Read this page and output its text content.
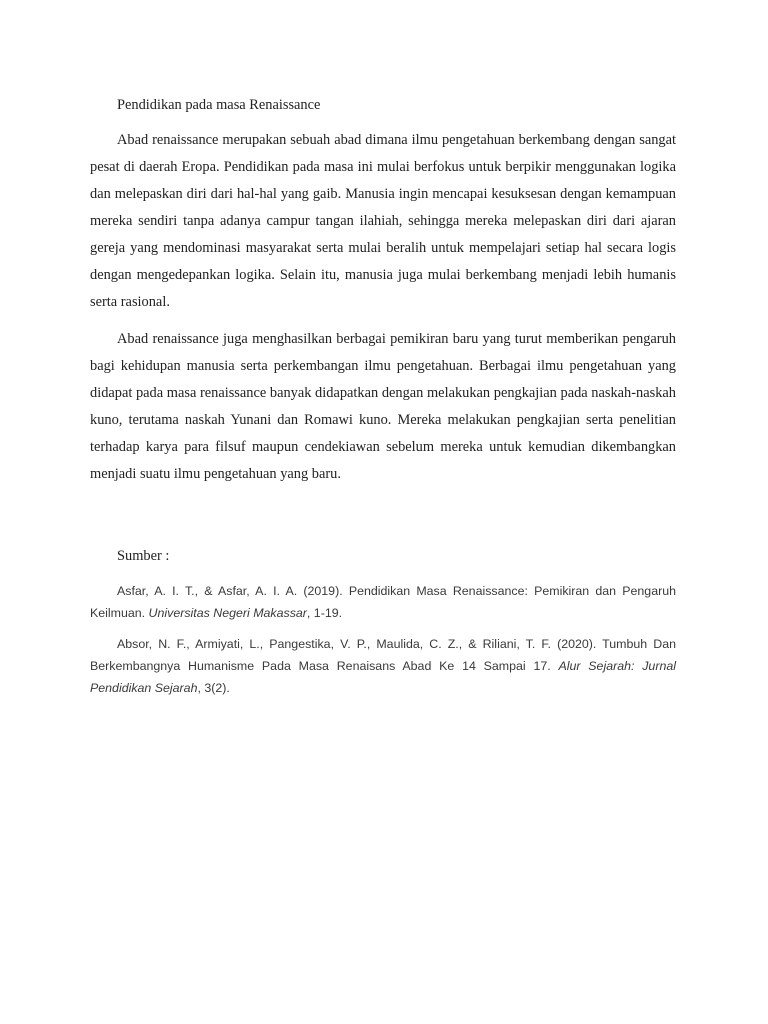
Pendidikan pada masa Renaissance

Abad renaissance merupakan sebuah abad dimana ilmu pengetahuan berkembang dengan sangat pesat di daerah Eropa. Pendidikan pada masa ini mulai berfokus untuk berpikir menggunakan logika dan melepaskan diri dari hal-hal yang gaib. Manusia ingin mencapai kesuksesan dengan kemampuan mereka sendiri tanpa adanya campur tangan ilahiah, sehingga mereka melepaskan diri dari ajaran gereja yang mendominasi masyarakat serta mulai beralih untuk mempelajari setiap hal secara logis dengan mengedepankan logika. Selain itu, manusia juga mulai berkembang menjadi lebih humanis serta rasional.

Abad renaissance juga menghasilkan berbagai pemikiran baru yang turut memberikan pengaruh bagi kehidupan manusia serta perkembangan ilmu pengetahuan. Berbagai ilmu pengetahuan yang didapat pada masa renaissance banyak didapatkan dengan melakukan pengkajian pada naskah-naskah kuno, terutama naskah Yunani dan Romawi kuno. Mereka melakukan pengkajian serta penelitian terhadap karya para filsuf maupun cendekiawan sebelum mereka untuk kemudian dikembangkan menjadi suatu ilmu pengetahuan yang baru.

Sumber :

Asfar, A. I. T., & Asfar, A. I. A. (2019). Pendidikan Masa Renaissance: Pemikiran dan Pengaruh Keilmuan. Universitas Negeri Makassar, 1-19.

Absor, N. F., Armiyati, L., Pangestika, V. P., Maulida, C. Z., & Riliani, T. F. (2020). Tumbuh Dan Berkembangnya Humanisme Pada Masa Renaisans Abad Ke 14 Sampai 17. Alur Sejarah: Jurnal Pendidikan Sejarah, 3(2).
